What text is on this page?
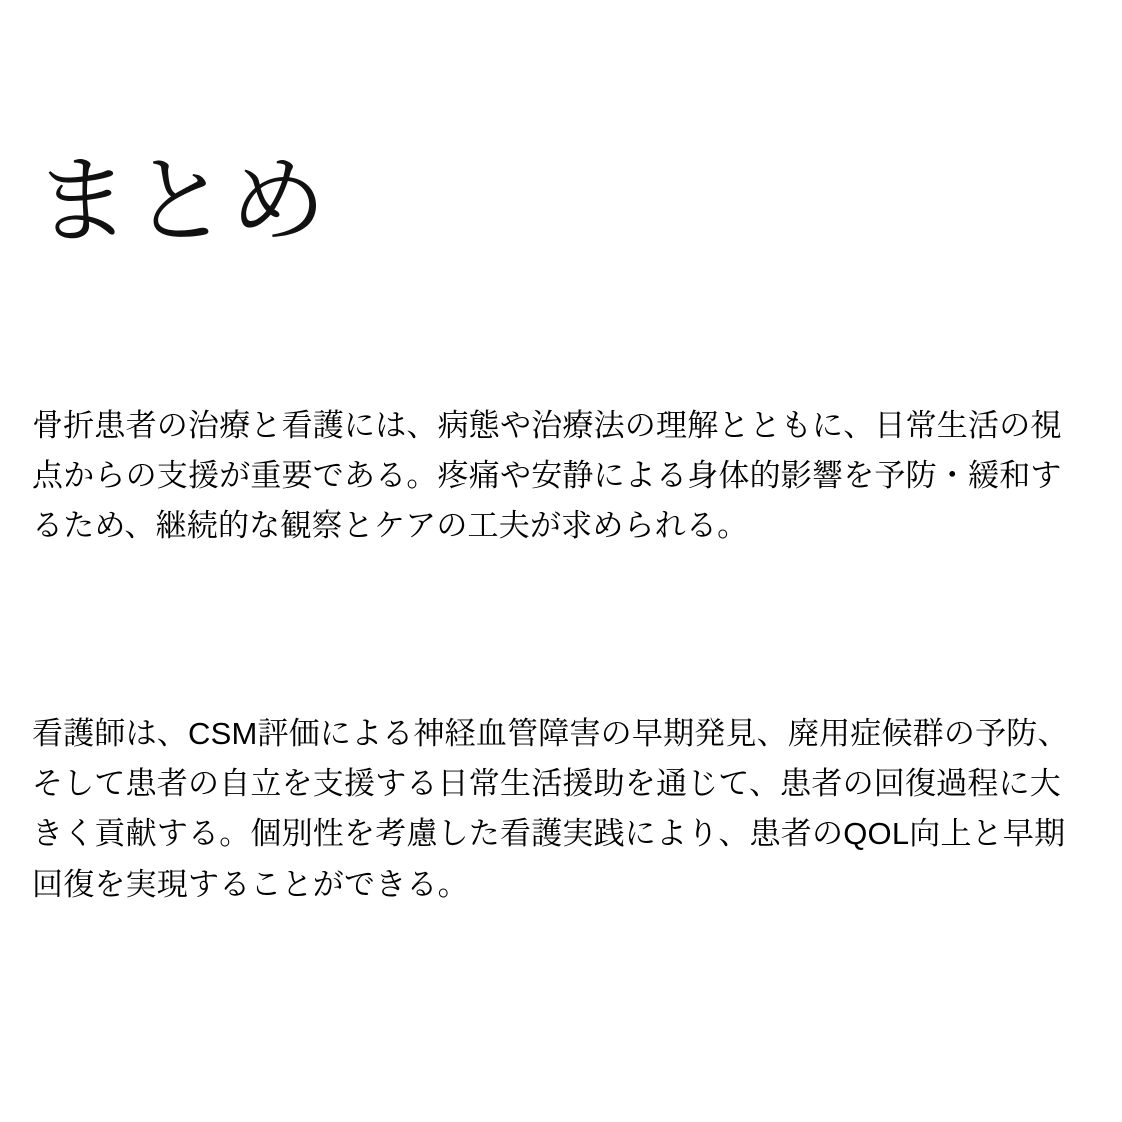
まとめ

骨折患者の治療と看護には、病態や治療法の理解とともに、日常生活の視点からの支援が重要である。疼痛や安静による身体的影響を予防・緩和するため、継続的な観察とケアの工夫が求められる。

看護師は、CSM評価による神経血管障害の早期発見、廃用症候群の予防、そして患者の自立を支援する日常生活援助を通じて、患者の回復過程に大きく貢献する。個別性を考慮した看護実践により、患者のQOL向上と早期回復を実現することができる。
